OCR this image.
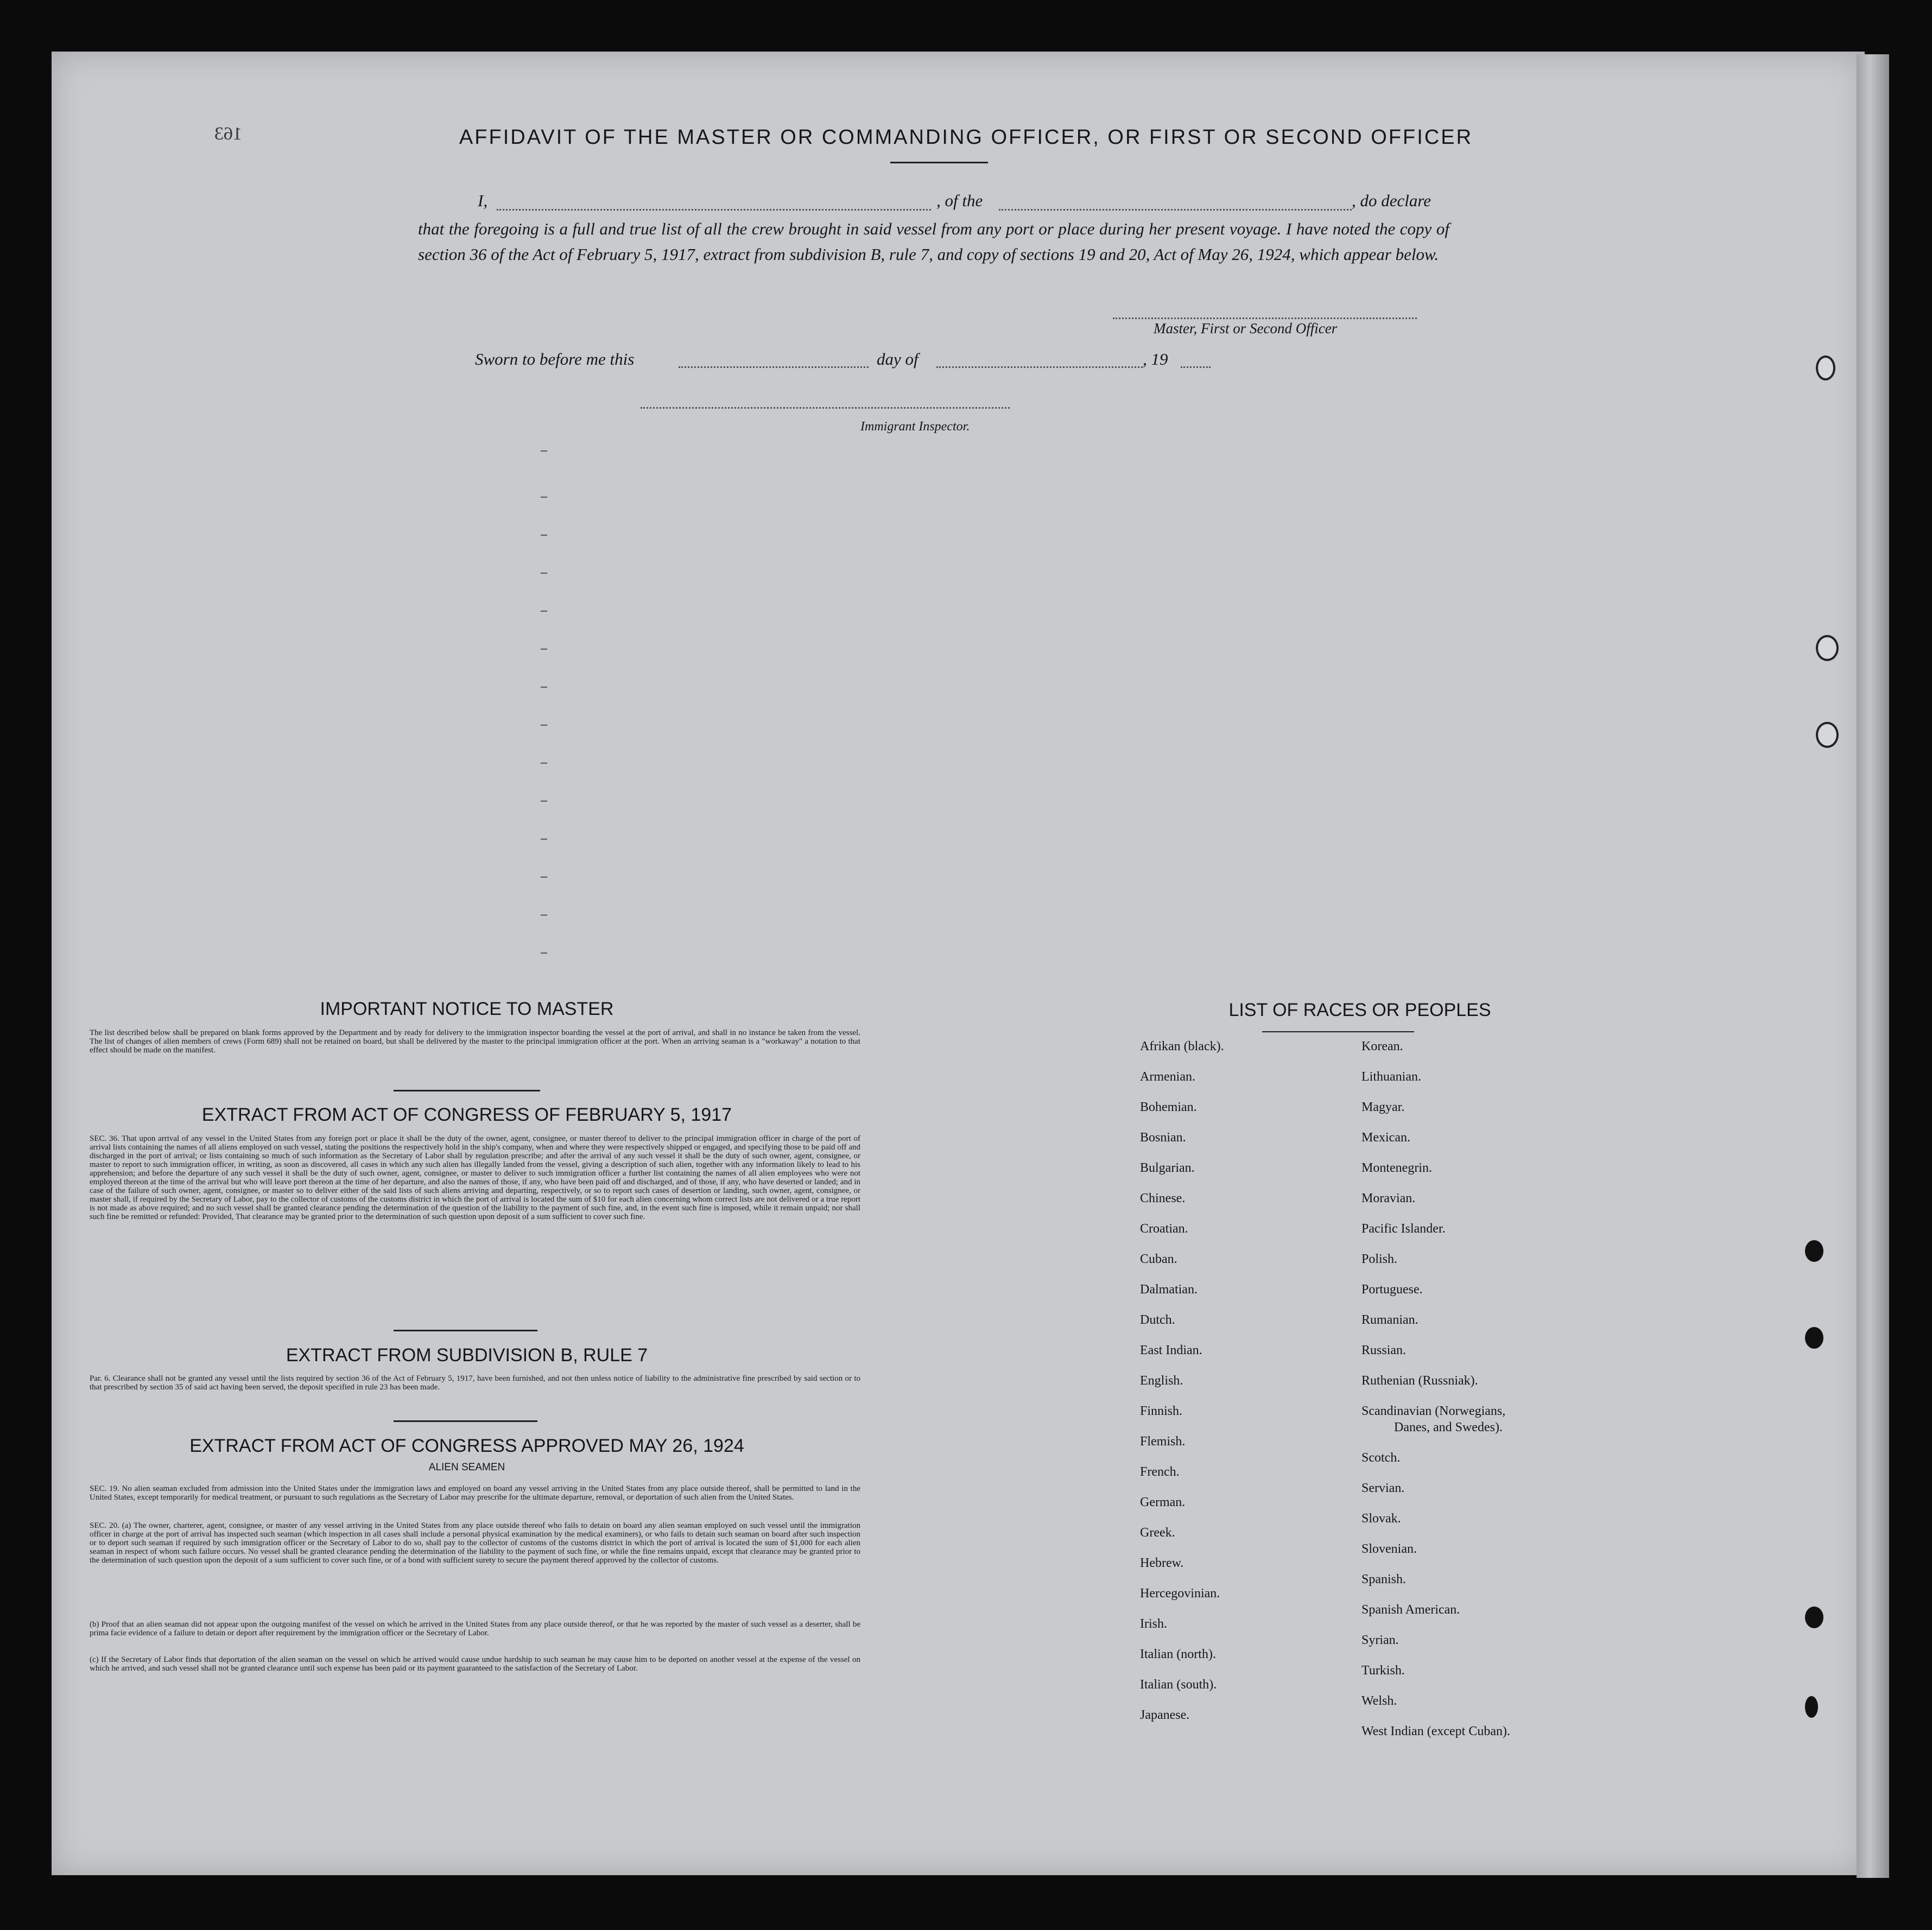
163	AFFIDAVIT OF THE MASTER OR COMMANDING OFFICER, OR FIRST OR SECOND OFFICER
I,	, of the	, do declare
that the foregoing is a full and true list of all the crew brought in said vessel from any port or place during her present voyage. I have noted the copy of section 36 of the Act of February 5, 1917, extract from subdivision B, rule 7, and copy of sections 19 and 20, Act of May 26, 1924, which appear below.
Master, First or Second Officer
Sworn to before me this	day of	, 19
Immigrant Inspector.
IMPORTANT NOTICE TO MASTER
The list described below shall be prepared on blank forms approved by the Department and by ready for delivery to the immigration inspector boarding the vessel at the port of arrival, and shall in no instance be taken from the vessel. The list of changes of alien members of crews (Form 689) shall not be retained on board, but shall be delivered by the master to the principal immigration officer at the port. When an arriving seaman is a "workaway" a notation to that effect should be made on the manifest.
EXTRACT FROM ACT OF CONGRESS OF FEBRUARY 5, 1917
SEC. 36. That upon arrival of any vessel in the United States from any foreign port or place it shall be the duty of the owner, agent, consignee, or master thereof to deliver to the principal immigration officer in charge of the port of arrival lists containing the names of all aliens employed on such vessel, stating the positions the respectively hold in the ship's company, when and where they were respectively shipped or engaged, and specifying those to be paid off and discharged in the port of arrival; or lists containing so much of such information as the Secretary of Labor shall by regulation prescribe; and after the arrival of any such vessel it shall be the duty of such owner, agent, consignee, or master to report to such immigration officer, in writing, as soon as discovered, all cases in which any such alien has illegally landed from the vessel, giving a description of such alien, together with any information likely to lead to his apprehension; and before the departure of any such vessel it shall be the duty of such owner, agent, consignee, or master to deliver to such immigration officer a further list containing the names of all alien employees who were not employed thereon at the time of the arrival but who will leave port thereon at the time of her departure, and also the names of those, if any, who have been paid off and discharged, and of those, if any, who have deserted or landed; and in case of the failure of such owner, agent, consignee, or master so to deliver either of the said lists of such aliens arriving and departing, respectively, or so to report such cases of desertion or landing, such owner, agent, consignee, or master shall, if required by the Secretary of Labor, pay to the collector of customs of the customs district in which the port of arrival is located the sum of $10 for each alien concerning whom correct lists are not delivered or a true report is not made as above required; and no such vessel shall be granted clearance pending the determination of the question of the liability to the payment of such fine, and, in the event such fine is imposed, while it remain unpaid; nor shall such fine be remitted or refunded: Provided, That clearance may be granted prior to the determination of such question upon deposit of a sum sufficient to cover such fine.
EXTRACT FROM SUBDIVISION B, RULE 7
Par. 6. Clearance shall not be granted any vessel until the lists required by section 36 of the Act of February 5, 1917, have been furnished, and not then unless notice of liability to the administrative fine prescribed by said section or to that prescribed by section 35 of said act having been served, the deposit specified in rule 23 has been made.
EXTRACT FROM ACT OF CONGRESS APPROVED MAY 26, 1924
ALIEN SEAMEN
SEC. 19. No alien seaman excluded from admission into the United States under the immigration laws and employed on board any vessel arriving in the United States from any place outside thereof, shall be permitted to land in the United States, except temporarily for medical treatment, or pursuant to such regulations as the Secretary of Labor may prescribe for the ultimate departure, removal, or deportation of such alien from the United States.
SEC. 20. (a) The owner, charterer, agent, consignee, or master of any vessel arriving in the United States from any place outside thereof who fails to detain on board any alien seaman employed on such vessel until the immigration officer in charge at the port of arrival has inspected such seaman (which inspection in all cases shall include a personal physical examination by the medical examiners), or who fails to detain such seaman on board after such inspection or to deport such seaman if required by such immigration officer or the Secretary of Labor to do so, shall pay to the collector of customs of the customs district in which the port of arrival is located the sum of $1,000 for each alien seaman in respect of whom such failure occurs. No vessel shall be granted clearance pending the determination of the liability to the payment of such fine, or while the fine remains unpaid, except that clearance may be granted prior to the determination of such question upon the deposit of a sum sufficient to cover such fine, or of a bond with sufficient surety to secure the payment thereof approved by the collector of customs.
(b) Proof that an alien seaman did not appear upon the outgoing manifest of the vessel on which he arrived in the United States from any place outside thereof, or that he was reported by the master of such vessel as a deserter, shall be prima facie evidence of a failure to detain or deport after requirement by the immigration officer or the Secretary of Labor.
(c) If the Secretary of Labor finds that deportation of the alien seaman on the vessel on which he arrived would cause undue hardship to such seaman he may cause him to be deported on another vessel at the expense of the vessel on which he arrived, and such vessel shall not be granted clearance until such expense has been paid or its payment guaranteed to the satisfaction of the Secretary of Labor.
LIST OF RACES OR PEOPLES
Afrikan (black).
Armenian.
Bohemian.
Bosnian.
Bulgarian.
Chinese.
Croatian.
Cuban.
Dalmatian.
Dutch.
East Indian.
English.
Finnish.
Flemish.
French.
German.
Greek.
Hebrew.
Hercegovinian.
Irish.
Italian (north).
Italian (south).
Japanese.
Korean.
Lithuanian.
Magyar.
Mexican.
Montenegrin.
Moravian.
Pacific Islander.
Polish.
Portuguese.
Rumanian.
Russian.
Ruthenian (Russniak).
Scandinavian (Norwegians,
Danes, and Swedes).
Scotch.
Servian.
Slovak.
Slovenian.
Spanish.
Spanish American.
Syrian.
Turkish.
Welsh.
West Indian (except Cuban).
